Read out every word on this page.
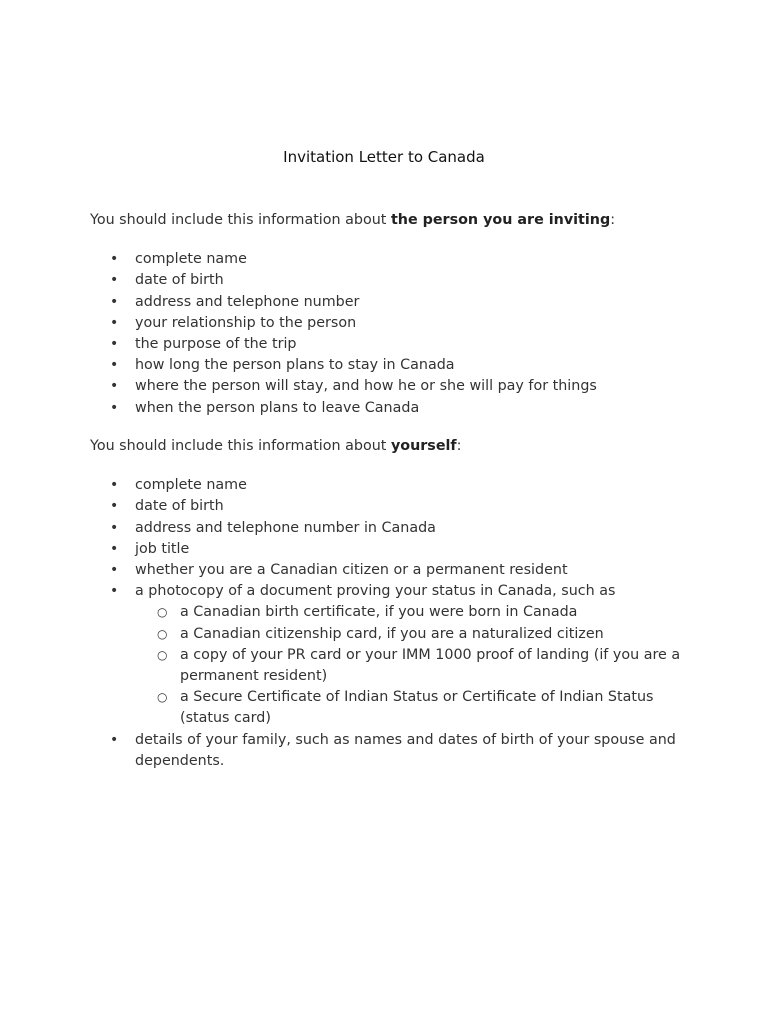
Invitation Letter to Canada

You should include this information about the person you are inviting:

• complete name
• date of birth
• address and telephone number
• your relationship to the person
• the purpose of the trip
• how long the person plans to stay in Canada
• where the person will stay, and how he or she will pay for things
• when the person plans to leave Canada

You should include this information about yourself:

• complete name
• date of birth
• address and telephone number in Canada
• job title
• whether you are a Canadian citizen or a permanent resident
• a photocopy of a document proving your status in Canada, such as
○ a Canadian birth certificate, if you were born in Canada
○ a Canadian citizenship card, if you are a naturalized citizen
○ a copy of your PR card or your IMM 1000 proof of landing (if you are a permanent resident)
○ a Secure Certificate of Indian Status or Certificate of Indian Status (status card)
• details of your family, such as names and dates of birth of your spouse and dependents.
